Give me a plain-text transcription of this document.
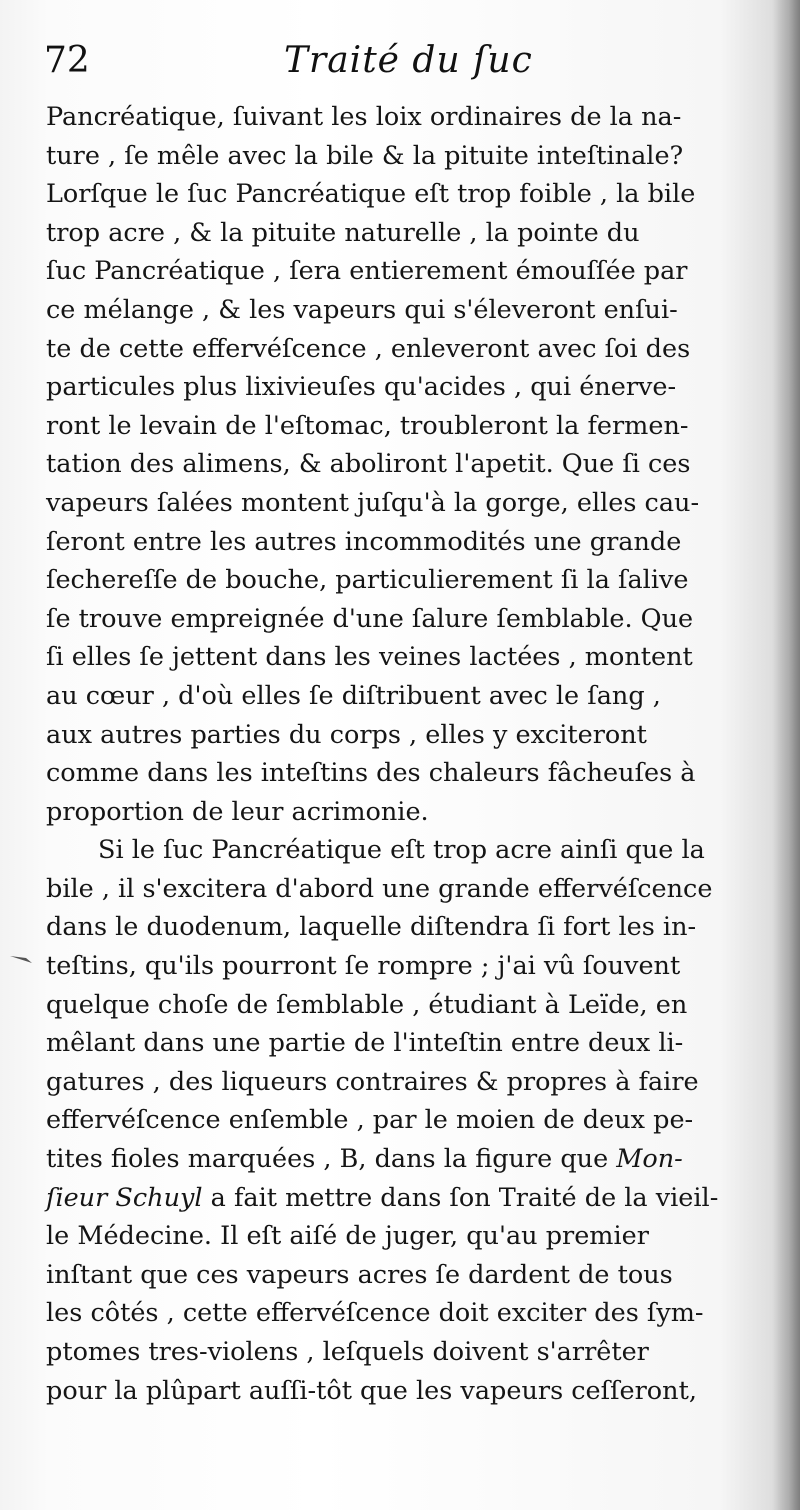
72	Traité du ſuc
Pancréatique, ſuivant les loix ordinaires de la na-
ture , ſe mêle avec la bile & la pituite inteſtinale?
Lorſque le ſuc Pancréatique eſt trop foible , la bile
trop acre , & la pituite naturelle , la pointe du
ſuc Pancréatique , ſera entierement émouſſée par
ce mélange , & les vapeurs qui s'éleveront enſui-
te de cette effervéſcence , enleveront avec ſoi des
particules plus lixivieuſes qu'acides , qui énerve-
ront le levain de l'eſtomac, troubleront la fermen-
tation des alimens, & aboliront l'apetit. Que ſi ces
vapeurs ſalées montent juſqu'à la gorge, elles cau-
ſeront entre les autres incommodités une grande
ſechereſſe de bouche, particulierement ſi la ſalive
ſe trouve empreignée d'une ſalure ſemblable. Que
ſi elles ſe jettent dans les veines lactées , montent
au cœur , d'où elles ſe diſtribuent avec le ſang ,
aux autres parties du corps , elles y exciteront
comme dans les inteſtins des chaleurs fâcheuſes à
proportion de leur acrimonie.
Si le ſuc Pancréatique eſt trop acre ainſi que la
bile , il s'excitera d'abord une grande effervéſcence
dans le duodenum, laquelle diſtendra ſi fort les in-
teſtins, qu'ils pourront ſe rompre ; j'ai vû ſouvent
quelque choſe de ſemblable , étudiant à Leïde, en
mêlant dans une partie de l'inteſtin entre deux li-
gatures , des liqueurs contraires & propres à faire
effervéſcence enſemble , par le moien de deux pe-
tites fioles marquées , B, dans la figure que Mon-
ſieur Schuyl a fait mettre dans ſon Traité de la vieil-
le Médecine. Il eſt aiſé de juger, qu'au premier
inſtant que ces vapeurs acres ſe dardent de tous
les côtés , cette effervéſcence doit exciter des ſym-
ptomes tres-violens , leſquels doivent s'arrêter
pour la plûpart auſſi-tôt que les vapeurs ceſſeront,
